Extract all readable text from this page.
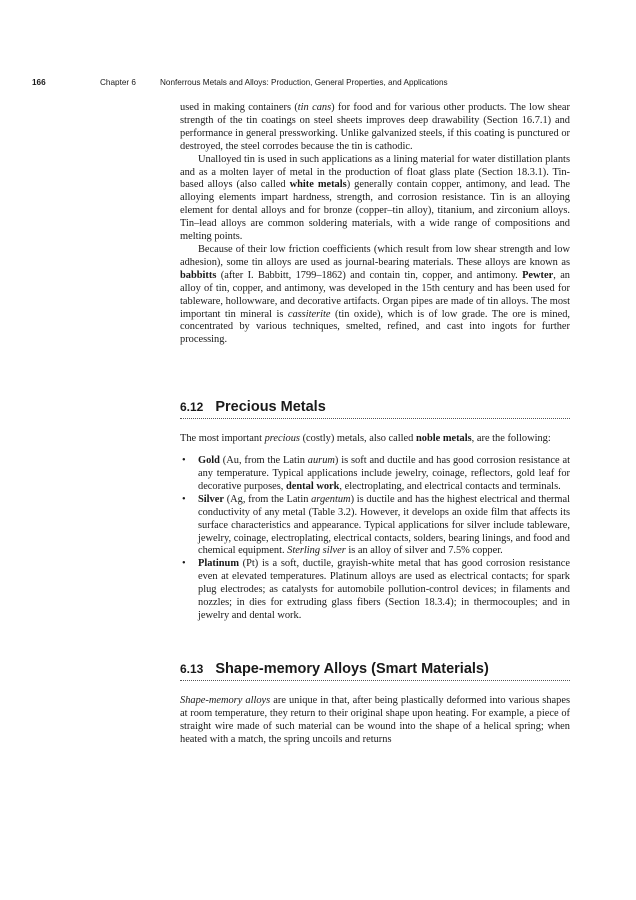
166	Chapter 6	Nonferrous Metals and Alloys: Production, General Properties, and Applications

used in making containers (tin cans) for food and for various other products. The low shear strength of the tin coatings on steel sheets improves deep drawability (Section 16.7.1) and performance in general pressworking. Unlike galvanized steels, if this coating is punctured or destroyed, the steel corrodes because the tin is cathodic.

Unalloyed tin is used in such applications as a lining material for water distillation plants and as a molten layer of metal in the production of float glass plate (Section 18.3.1). Tin-based alloys (also called white metals) generally contain copper, antimony, and lead. The alloying elements impart hardness, strength, and corrosion resistance. Tin is an alloying element for dental alloys and for bronze (copper–tin alloy), titanium, and zirconium alloys. Tin–lead alloys are common soldering materials, with a wide range of compositions and melting points.

Because of their low friction coefficients (which result from low shear strength and low adhesion), some tin alloys are used as journal-bearing materials. These alloys are known as babbitts (after I. Babbitt, 1799–1862) and contain tin, copper, and antimony. Pewter, an alloy of tin, copper, and antimony, was developed in the 15th century and has been used for tableware, hollowware, and decorative artifacts. Organ pipes are made of tin alloys. The most important tin mineral is cassiterite (tin oxide), which is of low grade. The ore is mined, concentrated by various techniques, smelted, refined, and cast into ingots for further processing.

6.12 Precious Metals

The most important precious (costly) metals, also called noble metals, are the following:

• Gold (Au, from the Latin aurum) is soft and ductile and has good corrosion resistance at any temperature. Typical applications include jewelry, coinage, reflectors, gold leaf for decorative purposes, dental work, electroplating, and electrical contacts and terminals.
• Silver (Ag, from the Latin argentum) is ductile and has the highest electrical and thermal conductivity of any metal (Table 3.2). However, it develops an oxide film that affects its surface characteristics and appearance. Typical applications for silver include tableware, jewelry, coinage, electroplating, electrical contacts, solders, bearing linings, and food and chemical equipment. Sterling silver is an alloy of silver and 7.5% copper.
• Platinum (Pt) is a soft, ductile, grayish-white metal that has good corrosion resistance even at elevated temperatures. Platinum alloys are used as electrical contacts; for spark plug electrodes; as catalysts for automobile pollution-control devices; in filaments and nozzles; in dies for extruding glass fibers (Section 18.3.4); in thermocouples; and in jewelry and dental work.
6.13 Shape-memory Alloys (Smart Materials)

Shape-memory alloys are unique in that, after being plastically deformed into various shapes at room temperature, they return to their original shape upon heating. For example, a piece of straight wire made of such material can be wound into the shape of a helical spring; when heated with a match, the spring uncoils and returns
